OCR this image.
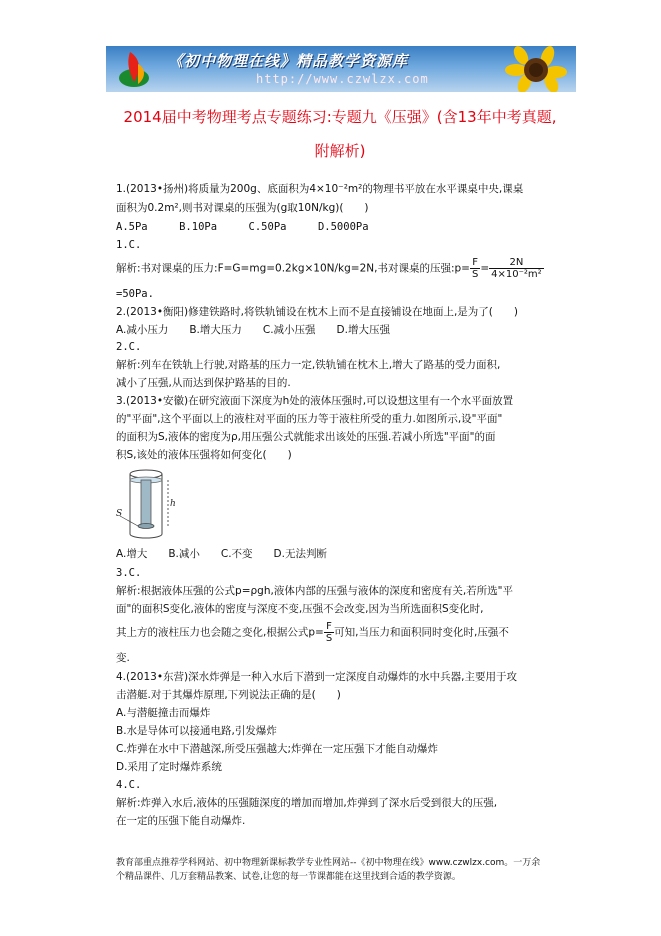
《初中物理在线》精品教学资源库
http://www.czwlzx.com
2014届中考物理考点专题练习:专题九《压强》(含13年中考真题,
附解析)
1.(2013•扬州)将质量为200g、底面积为4×10⁻²m²的物理书平放在水平课桌中央,课桌
面积为0.2m²,则书对课桌的压强为(g取10N/kg)(　　)
A.5Pa　　　B.10Pa　　　C.50Pa　　　D.5000Pa
1.C.
解析:书对课桌的压力:F=G=mg=0.2kg×10N/kg=2N,书对课桌的压强:p= $\frac{F}{S} = \frac{2N}{\text{4×10⁻²m²}}$
=50Pa.
2.(2013•衡阳)修建铁路时,将铁轨铺设在枕木上而不是直接铺设在地面上,是为了(　　)
A.减小压力　　B.增大压力　　C.减小压强　　D.增大压强
2.C.
解析:列车在铁轨上行驶,对路基的压力一定,铁轨铺在枕木上,增大了路基的受力面积,
减小了压强,从而达到保护路基的目的.
3.(2013•安徽)在研究液面下深度为h处的液体压强时,可以设想这里有一个水平面放置
的"平面",这个平面以上的液柱对平面的压力等于液柱所受的重力.如图所示,设"平面"
的面积为S,液体的密度为ρ,用压强公式就能求出该处的压强.若减小所选"平面"的面
积S,该处的液体压强将如何变化(　　)
h
S
A.增大　　B.减小　　C.不变　　D.无法判断
3.C.
解析:根据液体压强的公式p=ρgh,液体内部的压强与液体的深度和密度有关,若所选"平
面"的面积S变化,液体的密度与深度不变,压强不会改变,因为当所选面积S变化时,
其上方的液柱压力也会随之变化,根据公式$p= \frac{F}{S}$ 可知,当压力和面积同时变化时,压强不
变.
4.(2013•东营)深水炸弹是一种入水后下潜到一定深度自动爆炸的水中兵器,主要用于攻
击潜艇.对于其爆炸原理,下列说法正确的是(　　)
A.与潜艇撞击而爆炸
B.水是导体可以接通电路,引发爆炸
C.炸弹在水中下潜越深,所受压强越大;炸弹在一定压强下才能自动爆炸
D.采用了定时爆炸系统
4.C.
解析:炸弹入水后,液体的压强随深度的增加而增加,炸弹到了深水后受到很大的压强,
在一定的压强下能自动爆炸.
教育部重点推荐学科网站、初中物理新课标教学专业性网站--《初中物理在线》www.czwlzx.com。一万余
个精品课件、几万套精品教案、试卷,让您的每一节课都能在这里找到合适的教学资源。
